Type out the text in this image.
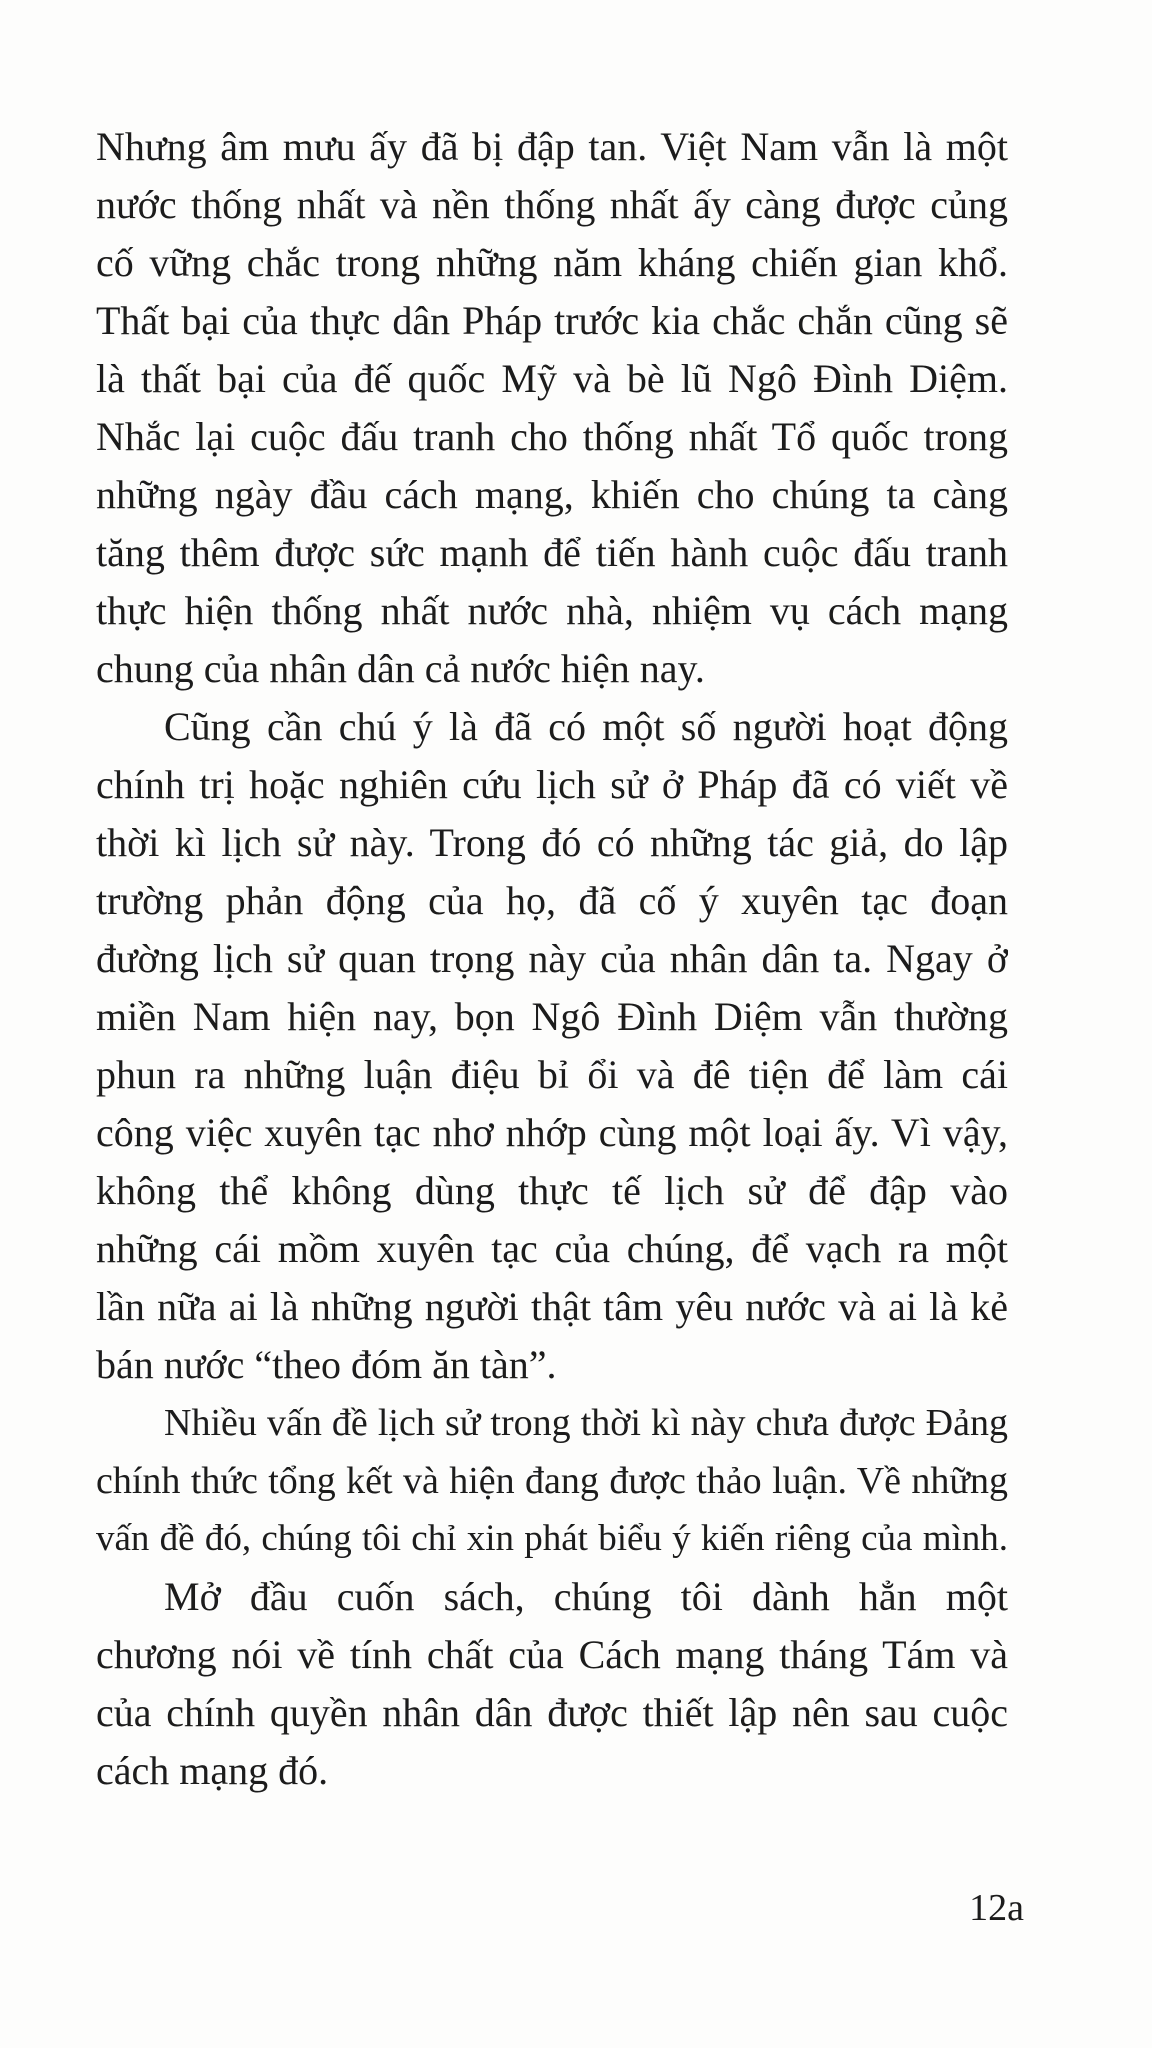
Nhưng âm mưu ấy đã bị đập tan. Việt Nam vẫn là một
nước thống nhất và nền thống nhất ấy càng được củng
cố vững chắc trong những năm kháng chiến gian khổ.
Thất bại của thực dân Pháp trước kia chắc chắn cũng sẽ
là thất bại của đế quốc Mỹ và bè lũ Ngô Đình Diệm.
Nhắc lại cuộc đấu tranh cho thống nhất Tổ quốc trong
những ngày đầu cách mạng, khiến cho chúng ta càng
tăng thêm được sức mạnh để tiến hành cuộc đấu tranh
thực hiện thống nhất nước nhà, nhiệm vụ cách mạng
chung của nhân dân cả nước hiện nay.
Cũng cần chú ý là đã có một số người hoạt động
chính trị hoặc nghiên cứu lịch sử ở Pháp đã có viết về
thời kì lịch sử này. Trong đó có những tác giả, do lập
trường phản động của họ, đã cố ý xuyên tạc đoạn
đường lịch sử quan trọng này của nhân dân ta. Ngay ở
miền Nam hiện nay, bọn Ngô Đình Diệm vẫn thường
phun ra những luận điệu bỉ ổi và đê tiện để làm cái
công việc xuyên tạc nhơ nhớp cùng một loại ấy. Vì vậy,
không thể không dùng thực tế lịch sử để đập vào
những cái mồm xuyên tạc của chúng, để vạch ra một
lần nữa ai là những người thật tâm yêu nước và ai là kẻ
bán nước “theo đóm ăn tàn”.
Nhiều vấn đề lịch sử trong thời kì này chưa được Đảng
chính thức tổng kết và hiện đang được thảo luận. Về những
vấn đề đó, chúng tôi chỉ xin phát biểu ý kiến riêng của mình.
Mở đầu cuốn sách, chúng tôi dành hẳn một
chương nói về tính chất của Cách mạng tháng Tám và
của chính quyền nhân dân được thiết lập nên sau cuộc
cách mạng đó.
12a
